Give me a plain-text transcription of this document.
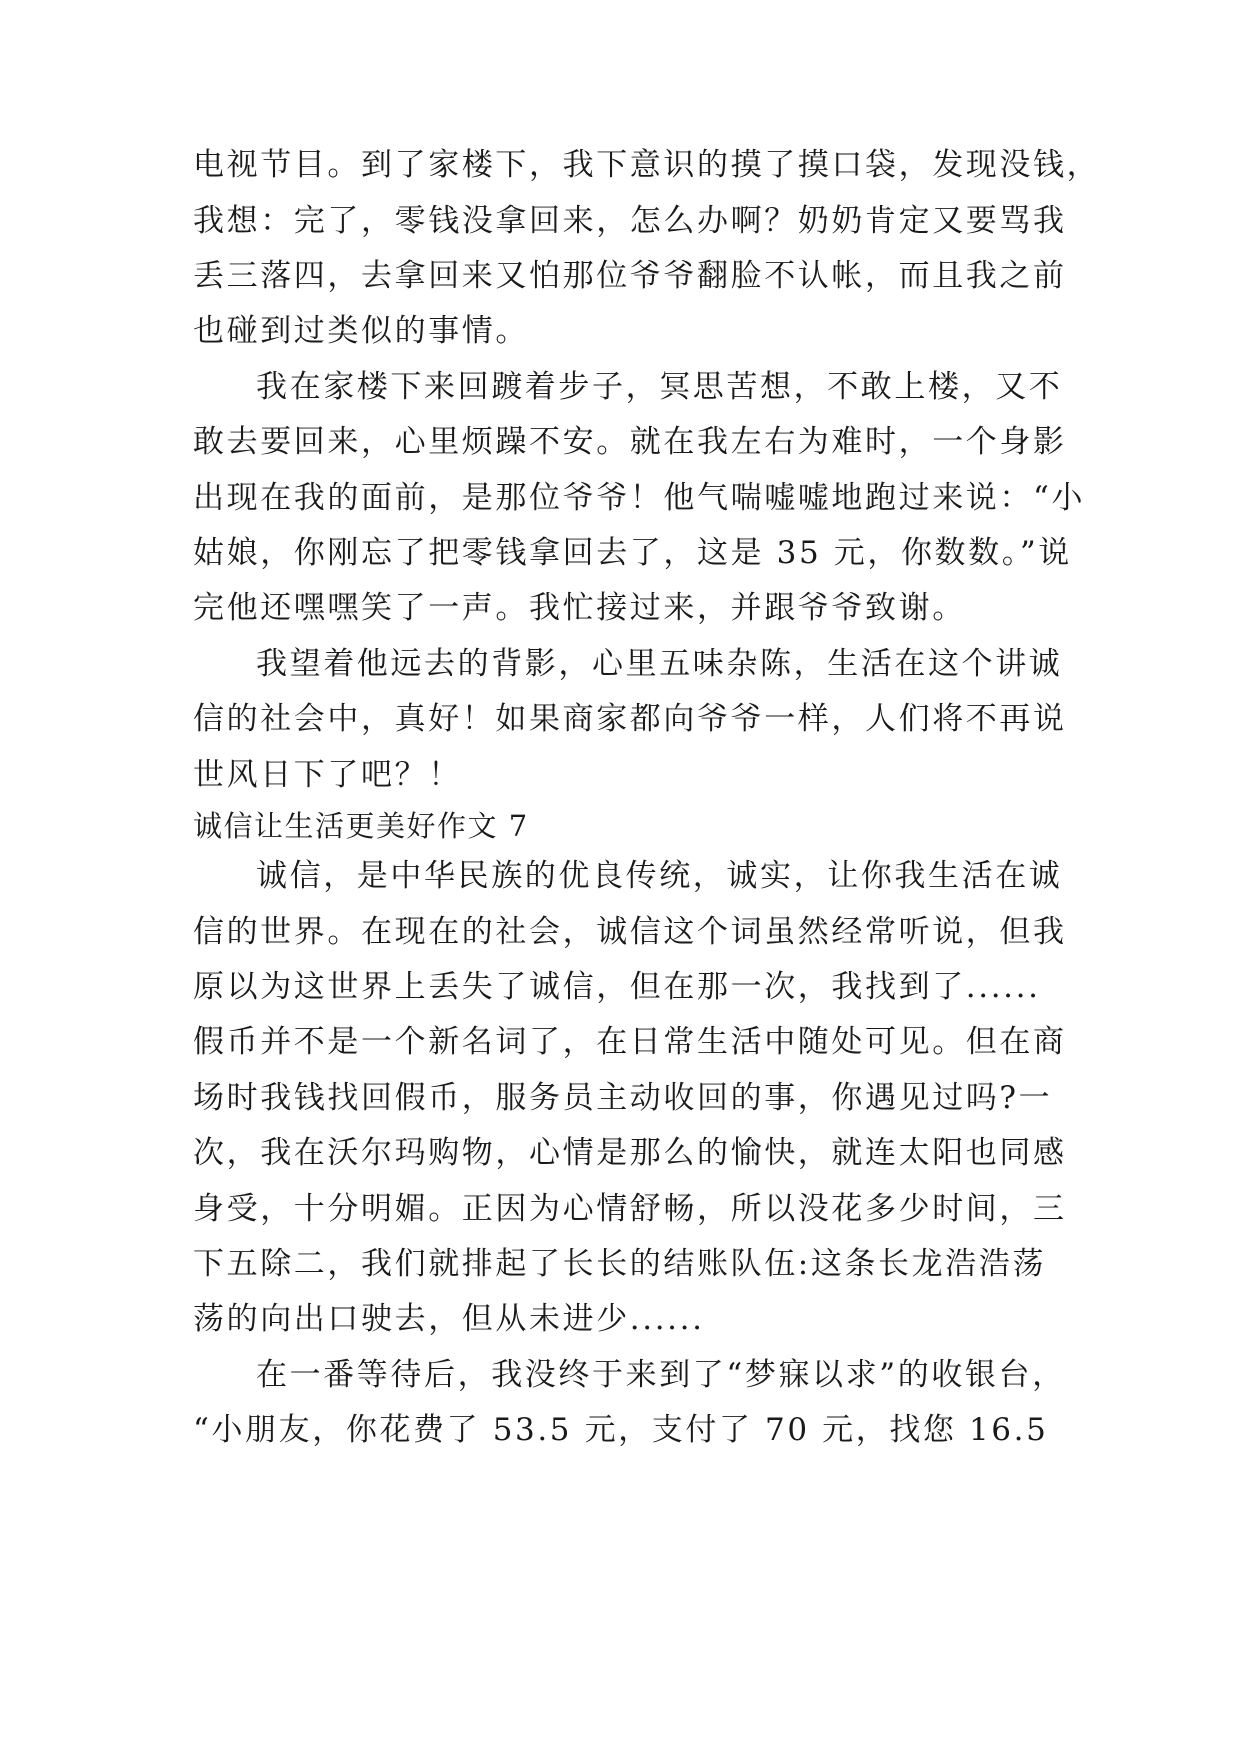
电视节目。到了家楼下，我下意识的摸了摸口袋，发现没钱，
我想：完了，零钱没拿回来，怎么办啊？奶奶肯定又要骂我
丢三落四，去拿回来又怕那位爷爷翻脸不认帐，而且我之前
也碰到过类似的事情。
我在家楼下来回踱着步子，冥思苦想，不敢上楼，又不
敢去要回来，心里烦躁不安。就在我左右为难时，一个身影
出现在我的面前，是那位爷爷！他气喘嘘嘘地跑过来说：“小
姑娘，你刚忘了把零钱拿回去了，这是 35 元，你数数。”说
完他还嘿嘿笑了一声。我忙接过来，并跟爷爷致谢。
我望着他远去的背影，心里五味杂陈，生活在这个讲诚
信的社会中，真好！如果商家都向爷爷一样，人们将不再说
世风日下了吧？！
诚信让生活更美好作文 7
诚信，是中华民族的优良传统，诚实，让你我生活在诚
信的世界。在现在的社会，诚信这个词虽然经常听说，但我
原以为这世界上丢失了诚信，但在那一次，我找到了......
假币并不是一个新名词了，在日常生活中随处可见。但在商
场时我钱找回假币，服务员主动收回的事，你遇见过吗?一
次，我在沃尔玛购物，心情是那么的愉快，就连太阳也同感
身受，十分明媚。正因为心情舒畅，所以没花多少时间，三
下五除二，我们就排起了长长的结账队伍:这条长龙浩浩荡
荡的向出口驶去，但从未进少......
在一番等待后，我没终于来到了“梦寐以求”的收银台，
“小朋友，你花费了 53.5 元，支付了 70 元，找您 16.5
